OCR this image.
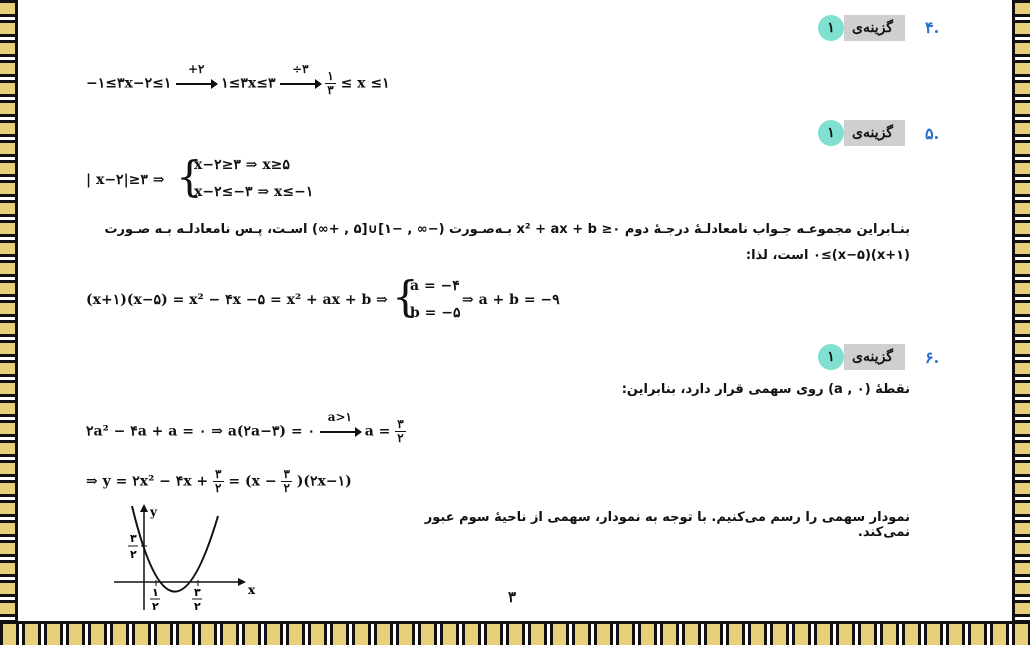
۴.
۱	گزینه‌ی
−۱≤۳x−۲≤۱
+۲
۱≤۳x≤۳
÷۳

$\frac{۱}{۳} \le x$ ≤۱
۵.
۱	گزینه‌ی
| x−۲|≥۳ ⇒ {
x−۲≥۳ ⇒ x≥۵
x−۲≤−۳ ⇒ x≤−۱
بنـابراین مجموعـه جـواب نامعادلـهٔ درجـهٔ دوم x² + ax + b ≥۰ بـه‌صـورت (−∞ , −۱]∪[۵ , +∞) اسـت، پـس نامعادلـه بـه صـورت
(x+۱)(x−۵)≥۰ است، لذا:
(x+۱)(x−۵) = x² − ۴x −۵ = x² + ax + b ⇒ {
a = −۴
b = −۵
⇒ a + b = −۹
۶.
۱	گزینه‌ی
نقطهٔ (a , ۰) روی سهمی قرار دارد، بنابراین:
۲a² − ۴a + a = ۰ ⇒ a(۲a−۳) = ۰
a>۱
$a = \frac{۳}{۲}$
⇒ y = ۲x² − ۴x + $\frac{۳}{۲} = (x - \frac{۳}{۲}$ )(۲x−۱)
نمودار سهمی را رسم می‌کنیم. با توجه به نمودار، سهمی از ناحیهٔ سوم عبور نمی‌کند.
y
x
۳
۲
۱
۲
۳
۲
۳
